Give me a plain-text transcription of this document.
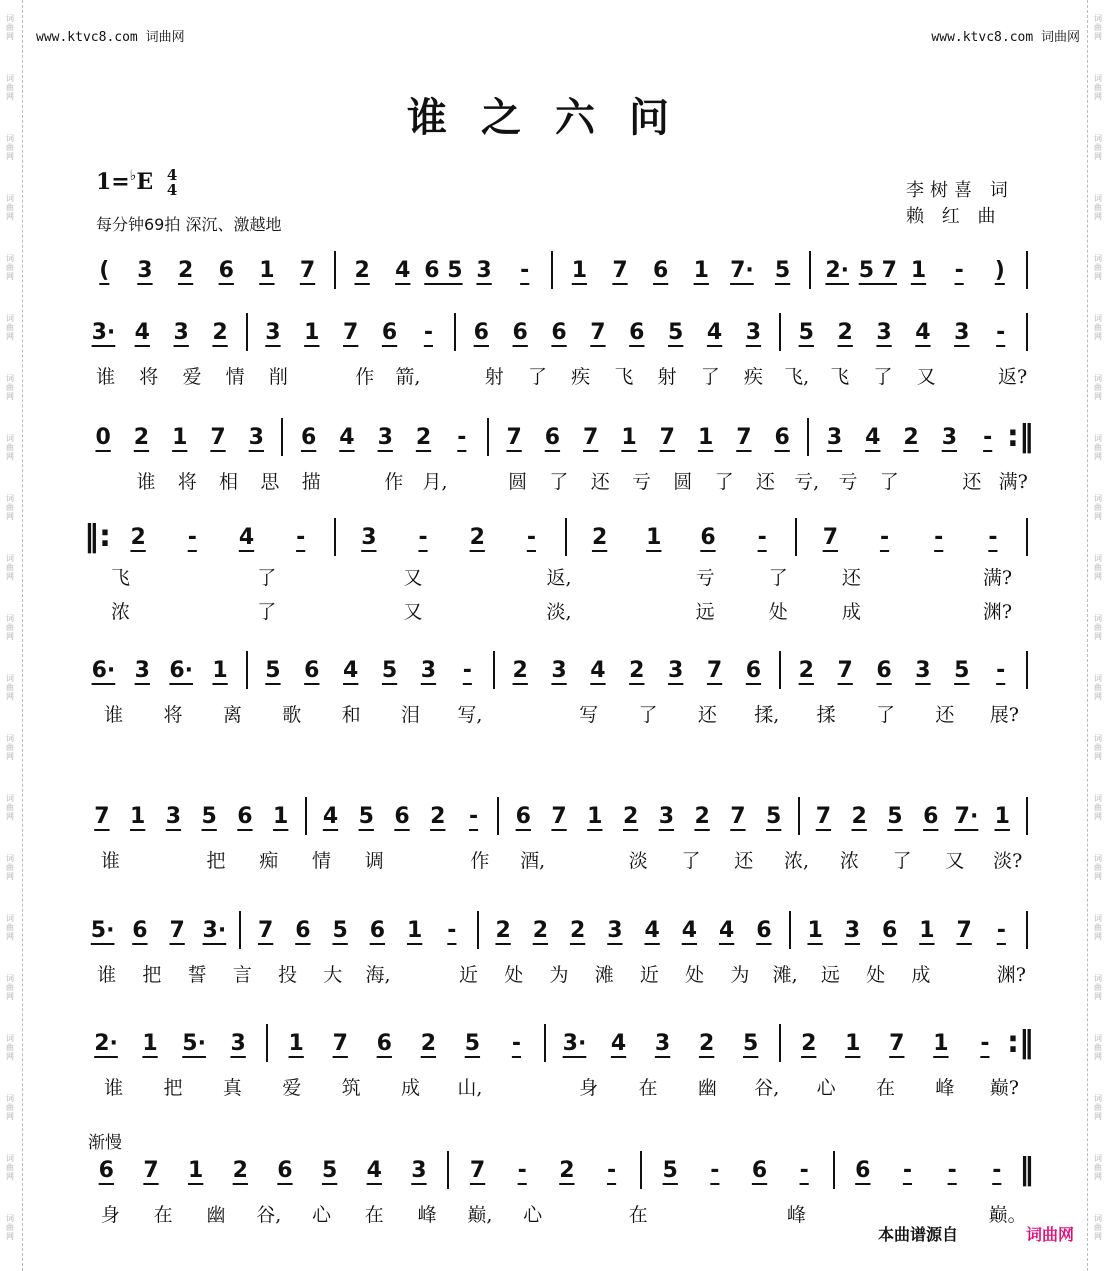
词曲网
词曲网
词曲网
词曲网
词曲网
词曲网
词曲网
词曲网
词曲网
词曲网
词曲网
词曲网
词曲网
词曲网
词曲网
词曲网
词曲网
词曲网
词曲网
词曲网
词曲网
词曲网
词曲网
词曲网
词曲网
词曲网
词曲网
词曲网
词曲网
词曲网
词曲网
词曲网
词曲网
词曲网
词曲网
词曲网
词曲网
词曲网
词曲网
词曲网
词曲网
词曲网
www.ktvc8.com 词曲网	www.ktvc8.com 词曲网
谁之六问
1=♭E 4
4
每分钟69拍 深沉、激越地
李树喜 词
赖 红 曲
(	3	2	6	1	7	2	4 6 5 3	-	1	7	6	1 7· 5	2· 5 7 1	-	)
3· 4	3	2	3	1	7	6	-	6	6	6	7	6	5	4	3	5	2	3	4	3	-
谁	将	爱	情	削	作	箭,	射	了	疾	飞	射	了	疾	飞,	飞	了	又	返?
0	2	1	7	3	6	4	3	2	-	7	6	7	1	7	1	7	6	3	4	2	3	- :‖
谁	将	相	思	描	作	月,	圆	了	还	亏	圆	了	还	亏,	亏	了	还 满?
‖: 2	-	4	-	3	-	2	-	2	1	6	-	7	-	-	-
飞	了	又	返,	亏	了	还	满?
浓	了	又	淡,	远	处	成	渊?
6· 3 6· 1	5	6	4	5	3	-	2	3	4	2	3	7	6	2	7	6	3	5	-
谁	将	离	歌	和	泪	写,	写	了	还	揉,	揉	了	还	展?
7 1 3 5 6 1	4 5 6 2	-	6 7 1 2 3 2 7 5	7 2 5 6 7· 1
谁	把	痴	情	调	作	酒,	淡	了	还	浓,	浓	了	又	淡?
5· 6 7 3·	7 6 5 6 1	-	2 2 2 3 4 4 4 6	1 3 6 1 7	-
谁	把	誓	言	投	大	海,	近	处	为	滩	近	处	为	滩,	远	处	成	渊?
2·	1	5·	3	1	7	6	2	5	-	3·	4	3	2	5	2	1	7	1	- :‖
谁	把	真	爱	筑	成	山,	身	在	幽	谷,	心	在	峰	巅?
6	7	1	2	6	5	4	3	7	-	2	-	5	-	6	-	6	-	-	- ‖
身	在	幽	谷,	心	在	峰	巅,	心	在	峰	巅。
渐慢
本曲谱源自	词曲网
